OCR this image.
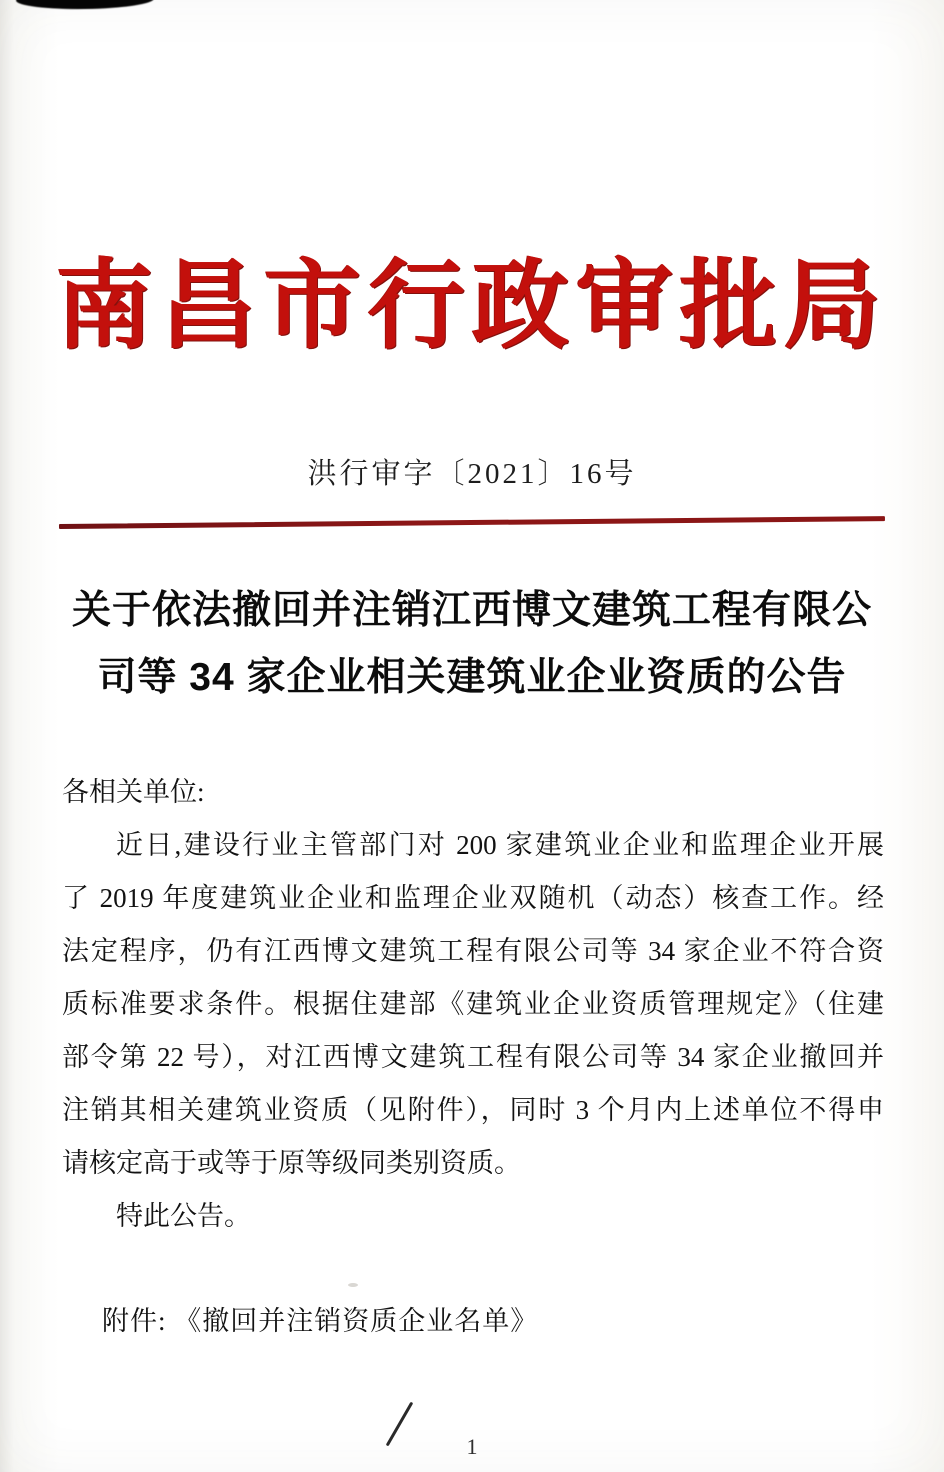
南昌市行政审批局
洪行审字〔2021〕16号
关于依法撤回并注销江西博文建筑工程有限公
司等 34 家企业相关建筑业企业资质的公告
各相关单位:
近日,建设行业主管部门对 200 家建筑业企业和监理企业开展
了 2019 年度建筑业企业和监理企业双随机（动态）核查工作。经
法定程序，仍有江西博文建筑工程有限公司等 34 家企业不符合资
质标准要求条件。根据住建部《建筑业企业资质管理规定》（住建
部令第 22 号），对江西博文建筑工程有限公司等 34 家企业撤回并
注销其相关建筑业资质（见附件），同时 3 个月内上述单位不得申
请核定高于或等于原等级同类别资质。
特此公告。
附件: 《撤回并注销资质企业名单》
1
